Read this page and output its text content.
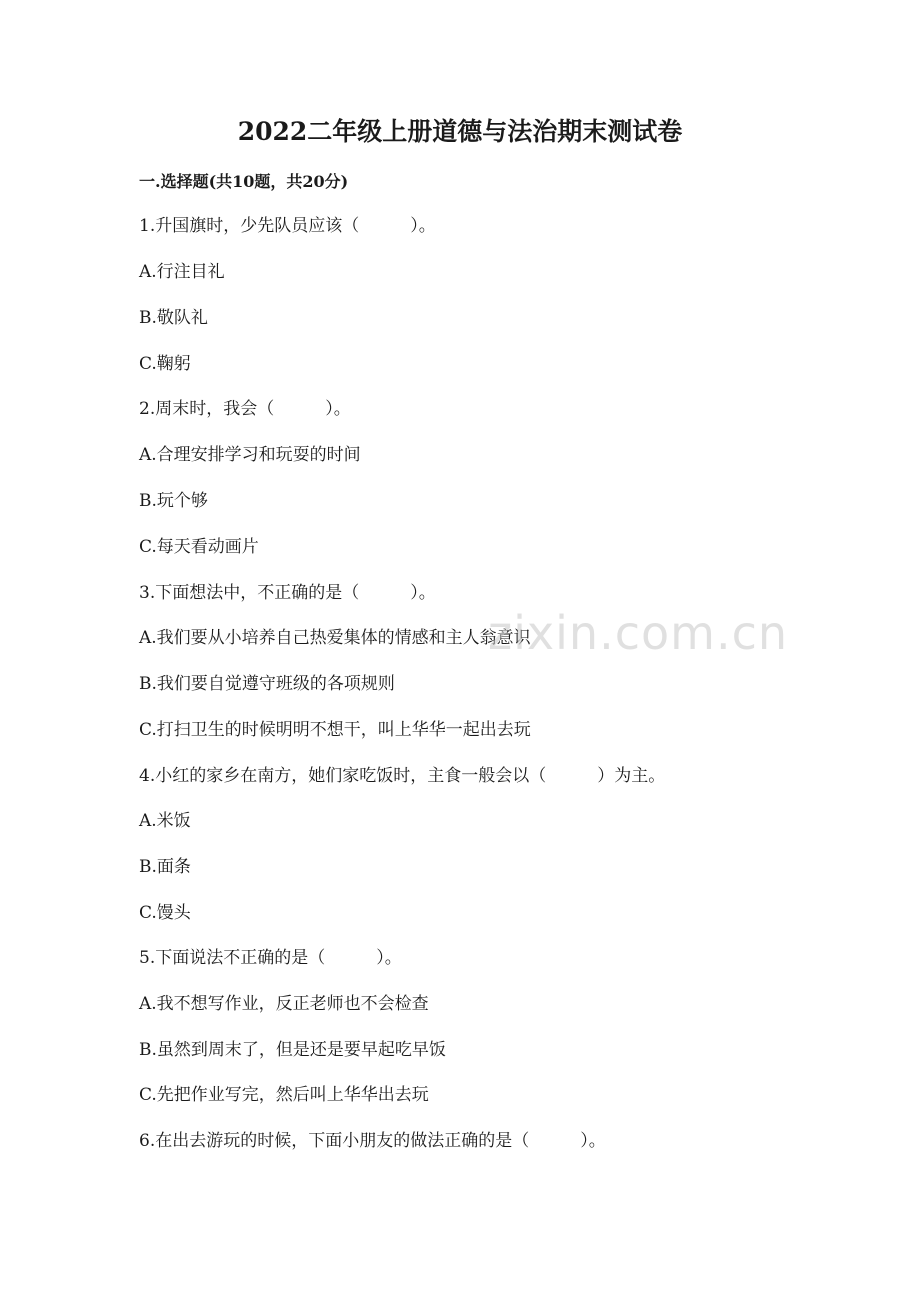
2022二年级上册道德与法治期末测试卷
一.选择题(共10题，共20分)
1.升国旗时，少先队员应该（　　　）。
A.行注目礼
B.敬队礼
C.鞠躬
2.周末时，我会（　　　）。
A.合理安排学习和玩耍的时间
B.玩个够
C.每天看动画片
3.下面想法中，不正确的是（　　　）。
A.我们要从小培养自己热爱集体的情感和主人翁意识
B.我们要自觉遵守班级的各项规则
C.打扫卫生的时候明明不想干，叫上华华一起出去玩
4.小红的家乡在南方，她们家吃饭时，主食一般会以（　　　）为主。
A.米饭
B.面条
C.馒头
5.下面说法不正确的是（　　　）。
A.我不想写作业，反正老师也不会检查
B.虽然到周末了，但是还是要早起吃早饭
C.先把作业写完，然后叫上华华出去玩
6.在出去游玩的时候，下面小朋友的做法正确的是（　　　）。
zixin.com.cn
